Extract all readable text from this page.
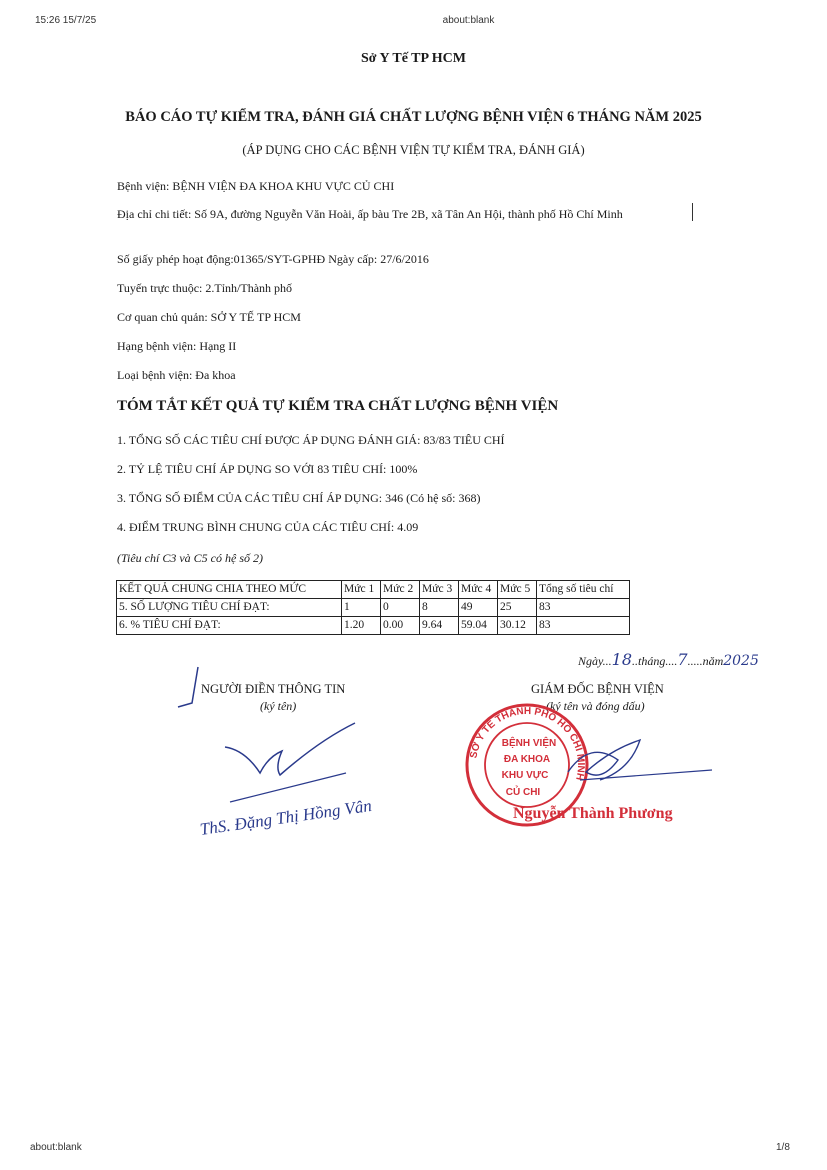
15:26 15/7/25	about:blank
about:blank	1/8
Sở Y Tế TP HCM
BÁO CÁO TỰ KIỂM TRA, ĐÁNH GIÁ CHẤT LƯỢNG BỆNH VIỆN 6 THÁNG NĂM 2025
(ÁP DỤNG CHO CÁC BỆNH VIỆN TỰ KIỂM TRA, ĐÁNH GIÁ)
Bệnh viện: BỆNH VIỆN ĐA KHOA KHU VỰC CỦ CHI
Địa chỉ chi tiết: Số 9A, đường Nguyễn Văn Hoài, ấp bàu Tre 2B, xã Tân An Hội, thành phố Hồ Chí Minh
Số giấy phép hoạt động:01365/SYT-GPHĐ Ngày cấp: 27/6/2016
Tuyến trực thuộc: 2.Tỉnh/Thành phố
Cơ quan chủ quản: SỞ Y TẾ TP HCM
Hạng bệnh viện: Hạng II
Loại bệnh viện: Đa khoa
TÓM TẮT KẾT QUẢ TỰ KIỂM TRA CHẤT LƯỢNG BỆNH VIỆN
1. TỔNG SỐ CÁC TIÊU CHÍ ĐƯỢC ÁP DỤNG ĐÁNH GIÁ: 83/83 TIÊU CHÍ
2. TỶ LỆ TIÊU CHÍ ÁP DỤNG SO VỚI 83 TIÊU CHÍ: 100%
3. TỔNG SỐ ĐIỂM CỦA CÁC TIÊU CHÍ ÁP DỤNG: 346 (Có hệ số: 368)
4. ĐIỂM TRUNG BÌNH CHUNG CỦA CÁC TIÊU CHÍ: 4.09
(Tiêu chí C3 và C5 có hệ số 2)
KẾT QUẢ CHUNG CHIA THEO MỨC	Mức 1	Mức 2	Mức 3	Mức 4	Mức 5	Tổng số tiêu chí
5. SỐ LƯỢNG TIÊU CHÍ ĐẠT:	1	0	8	49	25	83
6. % TIÊU CHÍ ĐẠT:	1.20	0.00	9.64	59.04	30.12	83
Ngày...18..tháng....7.....năm2025
NGƯỜI ĐIỀN THÔNG TIN
(ký tên)
ThS. Đặng Thị Hồng Vân
GIÁM ĐỐC BỆNH VIỆN
(ký tên và đóng dấu)
SỞ Y TẾ THÀNH PHỐ HỒ CHÍ MINH
BỆNH VIỆN
ĐA KHOA
KHU VỰC
CỦ CHI
Nguyễn Thành Phương
